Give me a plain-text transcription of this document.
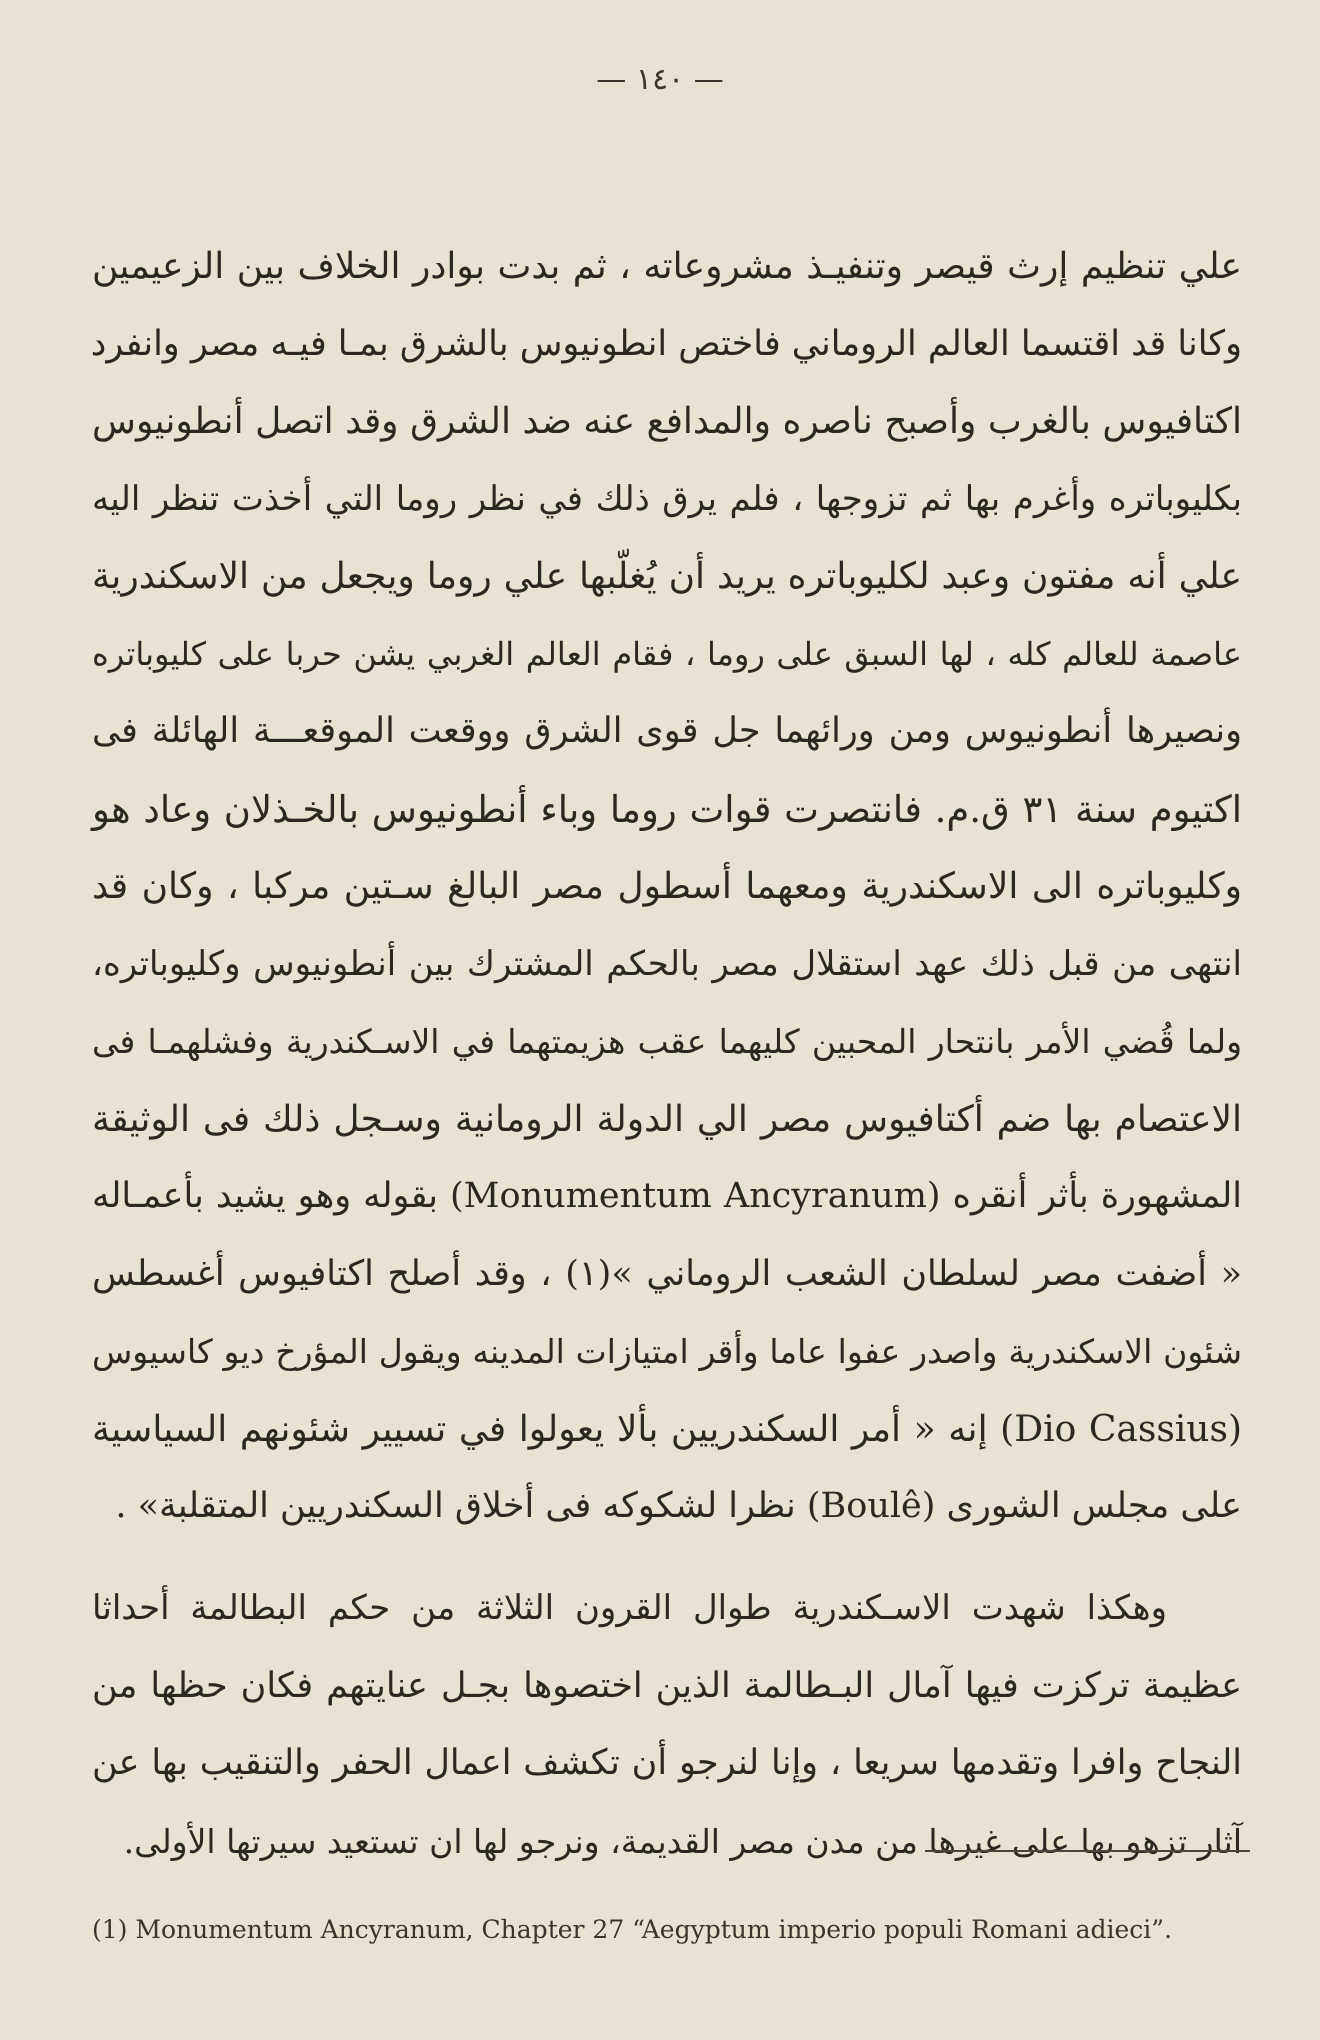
— ١٤٠ —
علي تنظيم إرث قيصر وتنفيـذ مشروعاته ، ثم بدت بوادر الخلاف بين الزعيمين
وكانا قد اقتسما العالم الروماني فاختص انطونيوس بالشرق بمـا فيـه مصر وانفرد
اكتافيوس بالغرب وأصبح ناصره والمدافع عنه ضد الشرق وقد اتصل أنطونيوس
بكليوباتره وأغرم بها ثم تزوجها ، فلم يرق ذلك في نظر روما التي أخذت تنظر اليه
علي أنه مفتون وعبد لكليوباتره يريد أن يُغلّبها علي روما ويجعل من الاسكندرية
عاصمة للعالم كله ، لها السبق على روما ، فقام العالم الغربي يشن حربا على كليوباتره
ونصيرها أنطونيوس ومن ورائهما جل قوى الشرق ووقعت الموقعـــة الهائلة فى
اكتيوم سنة ٣١ ق.م. فانتصرت قوات روما وباء أنطونيوس بالخـذلان وعاد هو
وكليوباتره الى الاسكندرية ومعهما أسطول مصر البالغ سـتين مركبا ، وكان قد
انتهى من قبل ذلك عهد استقلال مصر بالحكم المشترك بين أنطونيوس وكليوباتره،
ولما قُضي الأمر بانتحار المحبين كليهما عقب هزيمتهما في الاسـكندرية وفشلهمـا فى
الاعتصام بها ضم أكتافيوس مصر الي الدولة الرومانية وسـجل ذلك فى الوثيقة
المشهورة بأثر أنقره (Monumentum Ancyranum) بقوله وهو يشيد بأعمـاله
« أضفت مصر لسلطان الشعب الروماني »(١) ، وقد أصلح اكتافيوس أغسطس
شئون الاسكندرية واصدر عفوا عاما وأقر امتيازات المدينه ويقول المؤرخ ديو كاسيوس
(Dio Cassius) إنه « أمر السكندريين بألا يعولوا في تسيير شئونهم السياسية
على مجلس الشورى (Boulê) نظرا لشكوكه فى أخلاق السكندريين المتقلبة» .
وهكذا شهدت الاسـكندرية طوال القرون الثلاثة من حكم البطالمة أحداثا
عظيمة تركزت فيها آمال البـطالمة الذين اختصوها بجـل عنايتهم فكان حظها من
النجاح وافرا وتقدمها سريعا ، وإنا لنرجو أن تكشف اعمال الحفر والتنقيب بها عن
آثار تزهو بها على غيرها من مدن مصر القديمة، ونرجو لها ان تستعيد سيرتها الأولى.
(1) Monumentum Ancyranum, Chapter 27 “Aegyptum imperio populi Romani adieci”.
